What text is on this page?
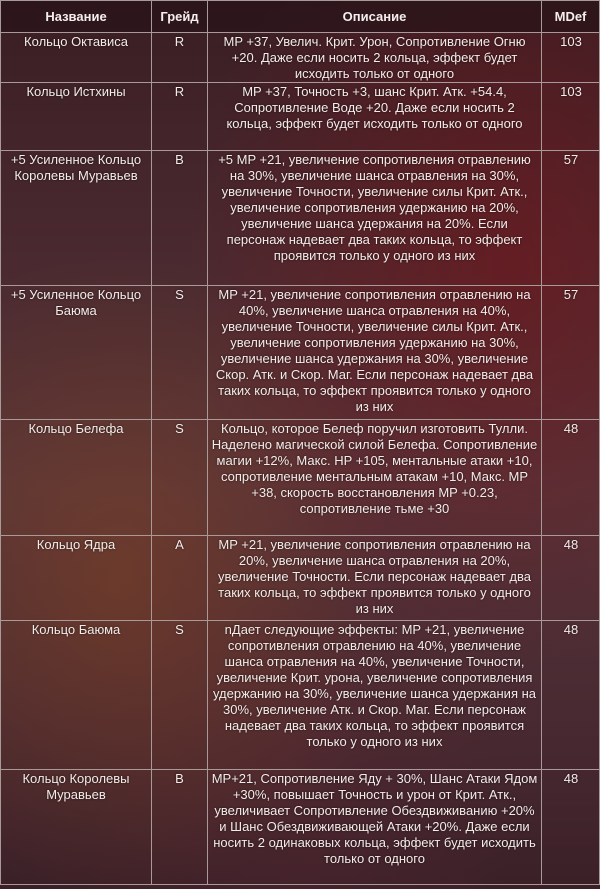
Название	Грейд	Описание	MDef
Кольцо Октависа	R	MP +37, Увелич. Крит. Урон, Сопротивление Огню +20. Даже если носить 2 кольца, эффект будет исходить только от одного	103
Кольцо Истхины	R	MP +37, Точность +3, шанс Крит. Атк. +54.4, Сопротивление Воде +20. Даже если носить 2 кольца, эффект будет исходить только от одного	103
+5 Усиленное Кольцо Королевы Муравьев	B	+5 MP +21, увеличение сопротивления отравлению на 30%, увеличение шанса отравления на 30%, увеличение Точности, увеличение силы Крит. Атк., увеличение сопротивления удержанию на 20%, увеличение шанса удержания на 20%. Если персонаж надевает два таких кольца, то эффект проявится только у одного из них	57
+5 Усиленное Кольцо Баюма	S	MP +21, увеличение сопротивления отравлению на 40%, увеличение шанса отравления на 40%, увеличение Точности, увеличение силы Крит. Атк., увеличение сопротивления удержанию на 30%, увеличение шанса удержания на 30%, увеличение Скор. Атк. и Скор. Маг. Если персонаж надевает два таких кольца, то эффект проявится только у одного из них	57
Кольцо Белефа	S	Кольцо, которое Белеф поручил изготовить Тулли. Наделено магической силой Белефа. Сопротивление магии +12%, Макс. HP +105, ментальные атаки +10, сопротивление ментальным атакам +10, Макс. MP +38, скорость восстановления MP +0.23, сопротивление тьме +30	48
Кольцо Ядра	A	MP +21, увеличение сопротивления отравлению на 20%, увеличение шанса отравления на 20%, увеличение Точности. Если персонаж надевает два таких кольца, то эффект проявится только у одного из них	48
Кольцо Баюма	S	nДает следующие эффекты: MP +21, увеличение сопротивления отравлению на 40%, увеличение шанса отравления на 40%, увеличение Точности, увеличение Крит. урона, увеличение сопротивления удержанию на 30%, увеличение шанса удержания на 30%, увеличение Атк. и Скор. Маг. Если персонаж надевает два таких кольца, то эффект проявится только у одного из них	48
Кольцо Королевы Муравьев	B	MP+21, Сопротивление Яду + 30%, Шанс Атаки Ядом +30%, повышает Точность и урон от Крит. Атк., увеличивает Сопротивление Обездвиживанию +20% и Шанс Обездвиживающей Атаки +20%. Даже если носить 2 одинаковых кольца, эффект будет исходить только от одного	48
